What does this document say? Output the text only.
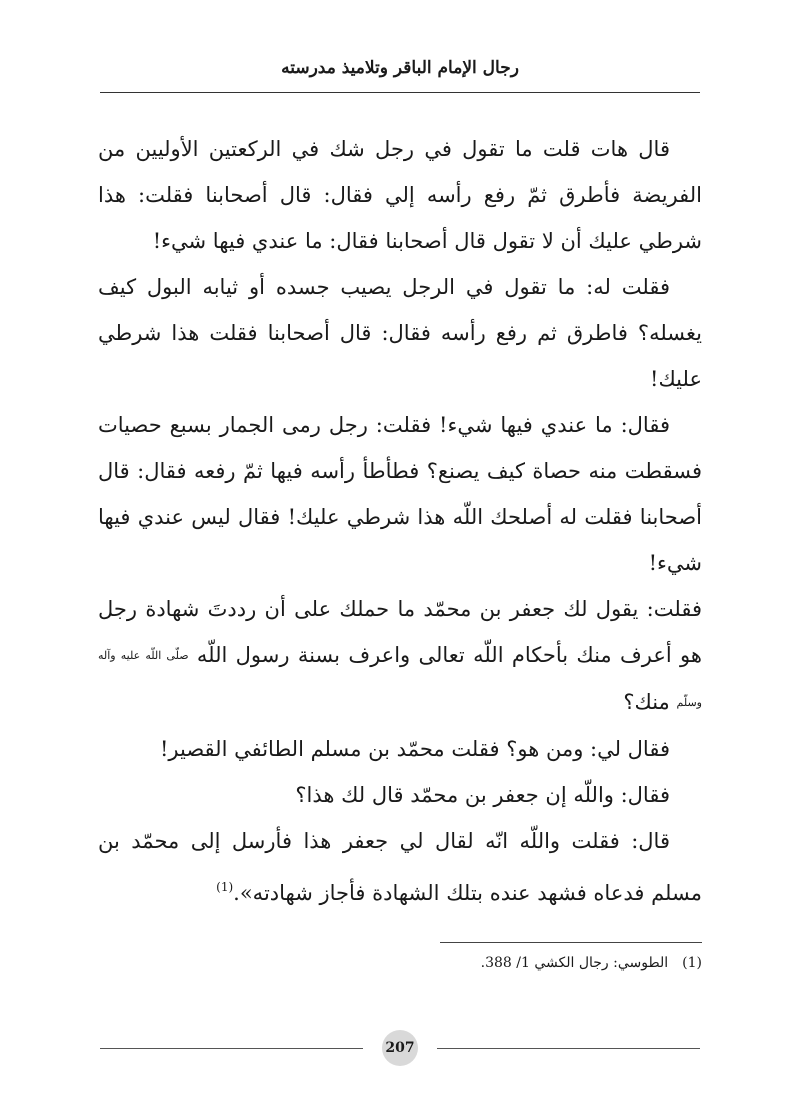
رجال الإمام الباقر وتلاميذ مدرسته

قال هات قلت ما تقول في رجل شك في الركعتين الأوليين من الفريضة فأطرق ثمّ رفع رأسه إلي فقال: قال أصحابنا فقلت: هذا شرطي عليك أن لا تقول قال أصحابنا فقال: ما عندي فيها شيء!

فقلت له: ما تقول في الرجل يصيب جسده أو ثيابه البول كيف يغسله؟ فاطرق ثم رفع رأسه فقال: قال أصحابنا فقلت هذا شرطي عليك!

فقال: ما عندي فيها شيء! فقلت: رجل رمى الجمار بسبع حصيات فسقطت منه حصاة كيف يصنع؟ فطأطأ رأسه فيها ثمّ رفعه فقال: قال أصحابنا فقلت له أصلحك اللّه هذا شرطي عليك! فقال ليس عندي فيها شيء!

فقلت: يقول لك جعفر بن محمّد ما حملك على أن رددتَ شهادة رجل هو أعرف منك بأحكام اللّه تعالى واعرف بسنة رسول اللّه صلّى اللّه عليه وآله وسلّم منك؟

فقال لي: ومن هو؟ فقلت محمّد بن مسلم الطائفي القصير!

فقال: واللّه إن جعفر بن محمّد قال لك هذا؟

قال: فقلت واللّه انّه لقال لي جعفر هذا فأرسل إلى محمّد بن مسلم فدعاه فشهد عنده بتلك الشهادة فأجاز شهادته».$^{(1)}$

(1)الطوسي: رجال الكشي 1/ 388.
207
